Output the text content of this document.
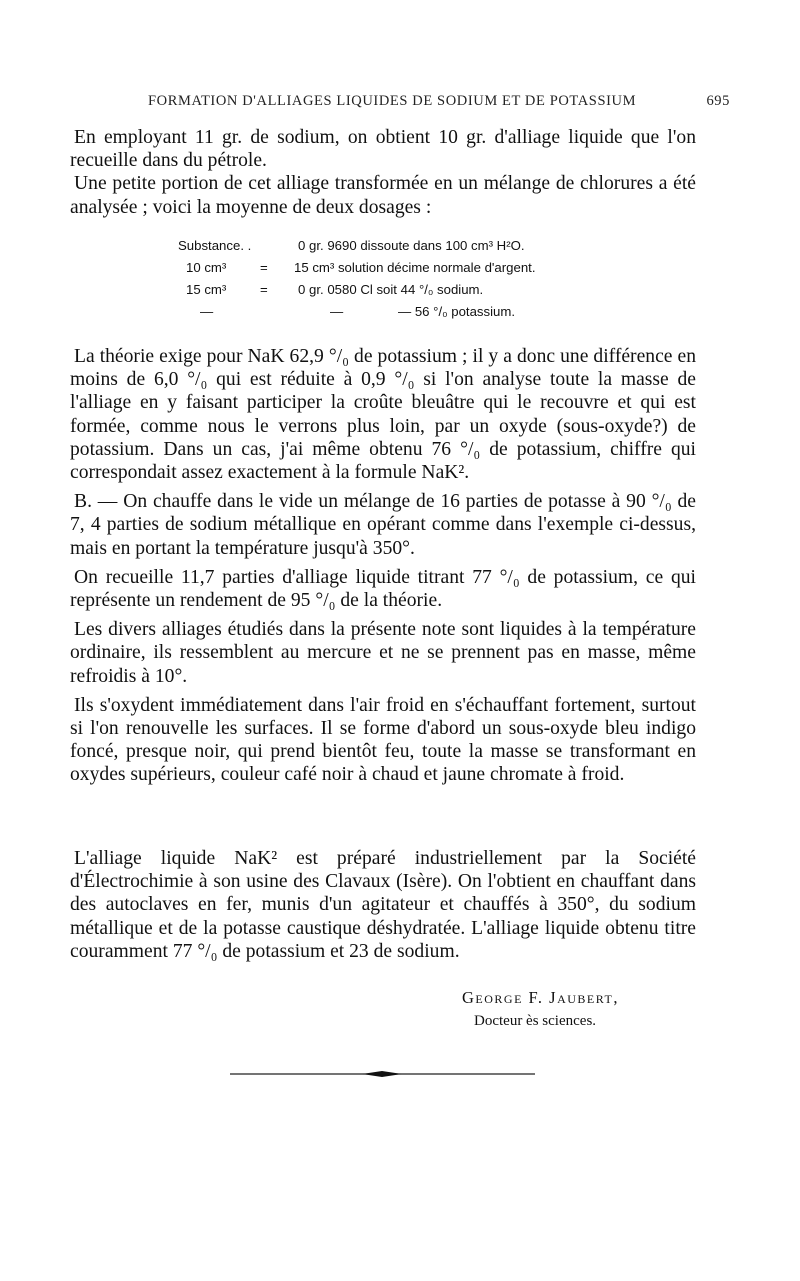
FORMATION D'ALLIAGES LIQUIDES DE SODIUM ET DE POTASSIUM	695

En employant 11 gr. de sodium, on obtient 10 gr. d'alliage liquide que l'on recueille dans du pétrole.

Une petite portion de cet alliage transformée en un mélange de chlorures a été analysée ; voici la moyenne de deux dosages :

Substance. .	0 gr. 9690 dissoute dans 100 cm³ H²O.
10 cm³	= 15 cm³ solution décime normale d'argent.
15 cm³	= 0 gr. 0580 Cl soit 44 °/₀ sodium.
—	—	— 56 °/₀ potassium.

La théorie exige pour NaK 62,9 °/₀ de potassium ; il y a donc une différence en moins de 6,0 °/₀ qui est réduite à 0,9 °/₀ si l'on analyse toute la masse de l'alliage en y faisant participer la croûte bleuâtre qui le recouvre et qui est formée, comme nous le verrons plus loin, par un oxyde (sous-oxyde?) de potassium. Dans un cas, j'ai même obtenu 76 °/₀ de potassium, chiffre qui correspondait assez exactement à la formule NaK².

B. — On chauffe dans le vide un mélange de 16 parties de potasse à 90 °/₀ de 7, 4 parties de sodium métallique en opérant comme dans l'exemple ci-dessus, mais en portant la température jusqu'à 350°.

On recueille 11,7 parties d'alliage liquide titrant 77 °/₀ de potassium, ce qui représente un rendement de 95 °/₀ de la théorie.

Les divers alliages étudiés dans la présente note sont liquides à la température ordinaire, ils ressemblent au mercure et ne se prennent pas en masse, même refroidis à 10°.

Ils s'oxydent immédiatement dans l'air froid en s'échauffant fortement, surtout si l'on renouvelle les surfaces. Il se forme d'abord un sous-oxyde bleu indigo foncé, presque noir, qui prend bientôt feu, toute la masse se transformant en oxydes supérieurs, couleur café noir à chaud et jaune chromate à froid.

L'alliage liquide NaK² est préparé industriellement par la Société d'Électrochimie à son usine des Clavaux (Isère). On l'obtient en chauffant dans des autoclaves en fer, munis d'un agitateur et chauffés à 350°, du sodium métallique et de la potasse caustique déshydratée. L'alliage liquide obtenu titre couramment 77 °/₀ de potassium et 23 de sodium.

George F. Jaubert,
Docteur ès sciences.
